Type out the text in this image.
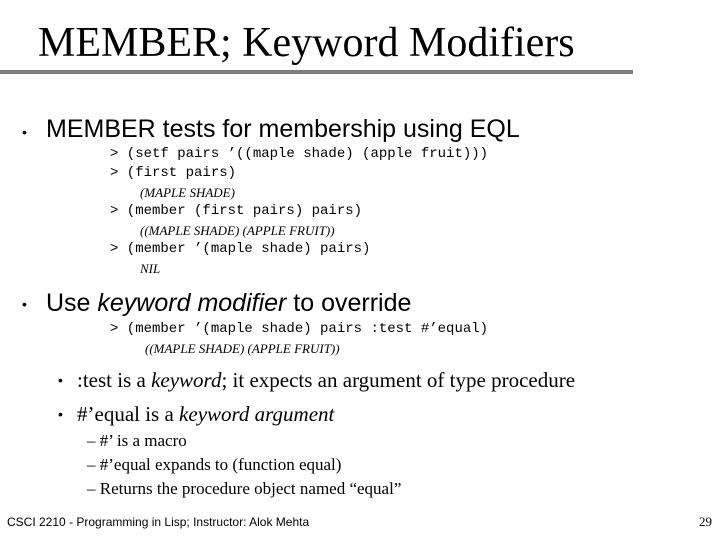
MEMBER; Keyword Modifiers
• MEMBER tests for membership using EQL
> (setf pairs ’((maple shade) (apple fruit)))
> (first pairs)
(MAPLE SHADE)
> (member (first pairs) pairs)
((MAPLE SHADE) (APPLE FRUIT))
> (member ’(maple shade) pairs)
NIL
• Use keyword modifier to override
> (member ’(maple shade) pairs :test #’equal)
((MAPLE SHADE) (APPLE FRUIT))
• :test is a keyword; it expects an argument of type procedure
• #’equal is a keyword argument
– #’ is a macro
– #’equal expands to (function equal)
– Returns the procedure object named “equal”
CSCI 2210 - Programming in Lisp; Instructor: Alok Mehta	29
